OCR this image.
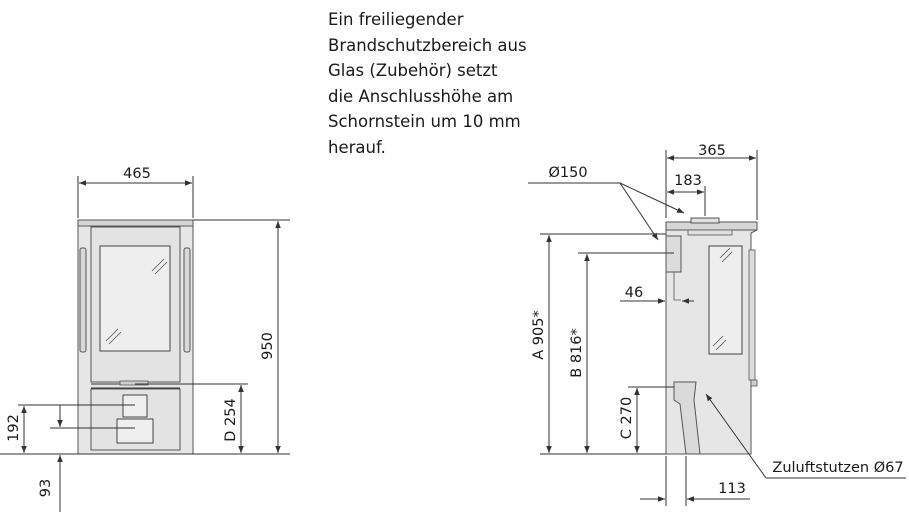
Ein freiliegender
Brandschutzbereich aus
Glas (Zubehör) setzt
die Anschlusshöhe am
Schornstein um 10 mm
herauf.

465
950
D 254
192
93
365
183
Ø150
A 905* B 816*
C 270
46
113
Zuluftstutzen Ø67
